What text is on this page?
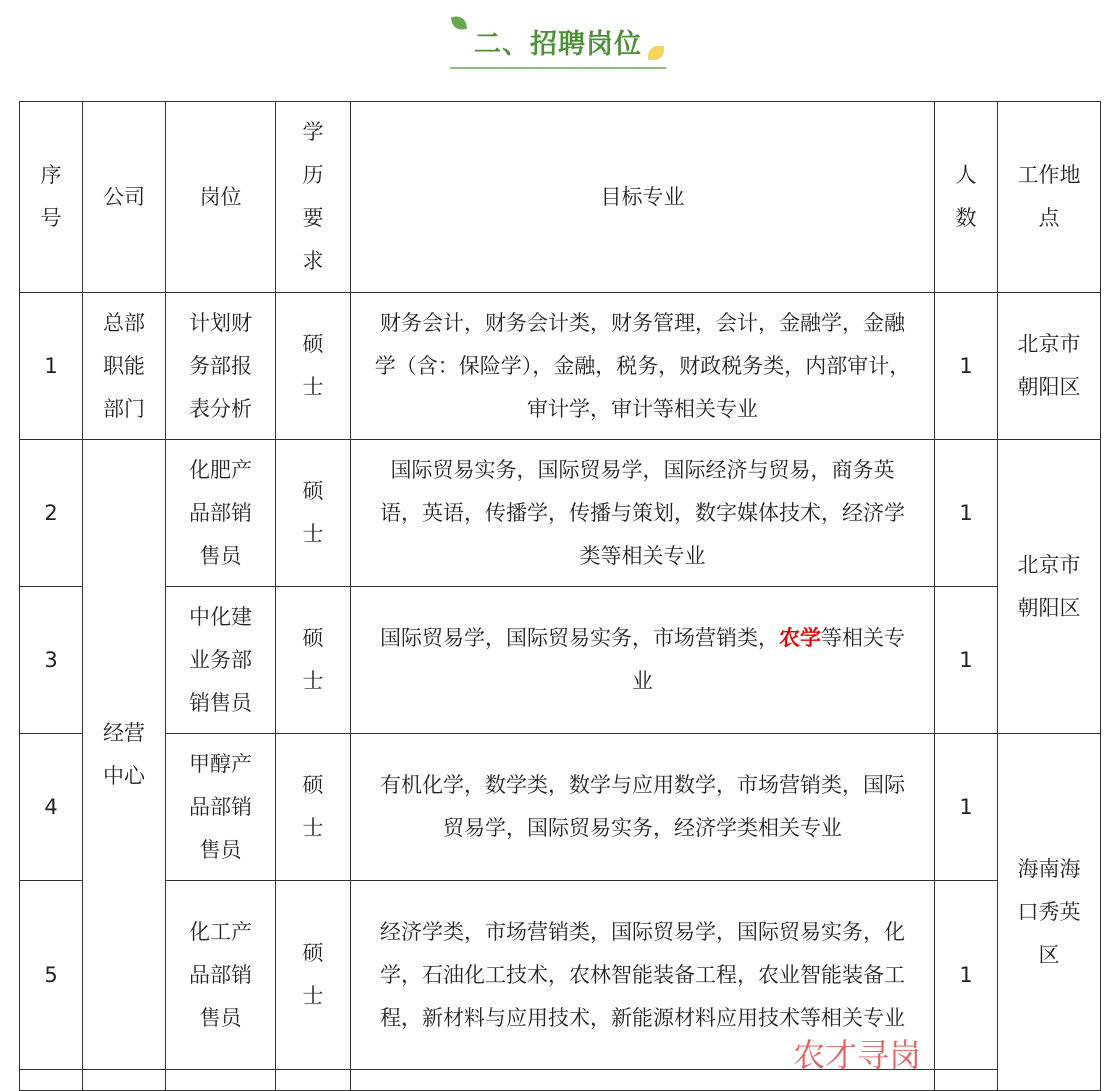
二、招聘岗位
序号	公司	岗位	学历要求	目标专业	人数	工作地点
1	总部职能部门	计划财务部报表分析	硕士	财务会计，财务会计类，财务管理，会计，金融学，金融学（含：保险学），金融，税务，财政税务类，内部审计，审计学，审计等相关专业	1	北京市朝阳区
2	经营中心	化肥产品部销售员	硕士	国际贸易实务，国际贸易学，国际经济与贸易，商务英语，英语，传播学，传播与策划，数字媒体技术，经济学类等相关专业	1	北京市朝阳区
3		中化建业务部销售员	硕士	国际贸易学，国际贸易实务，市场营销类，农学等相关专业	1	
4		甲醇产品部销售员	硕士	有机化学，数学类，数学与应用数学，市场营销类，国际贸易学，国际贸易实务，经济学类相关专业	1	海南海口秀英区
5		化工产品部销售员	硕士	经济学类，市场营销类，国际贸易学，国际贸易实务，化学，石油化工技术，农林智能装备工程，农业智能装备工程，新材料与应用技术，新能源材料应用技术等相关专业	1	

农才寻岗
